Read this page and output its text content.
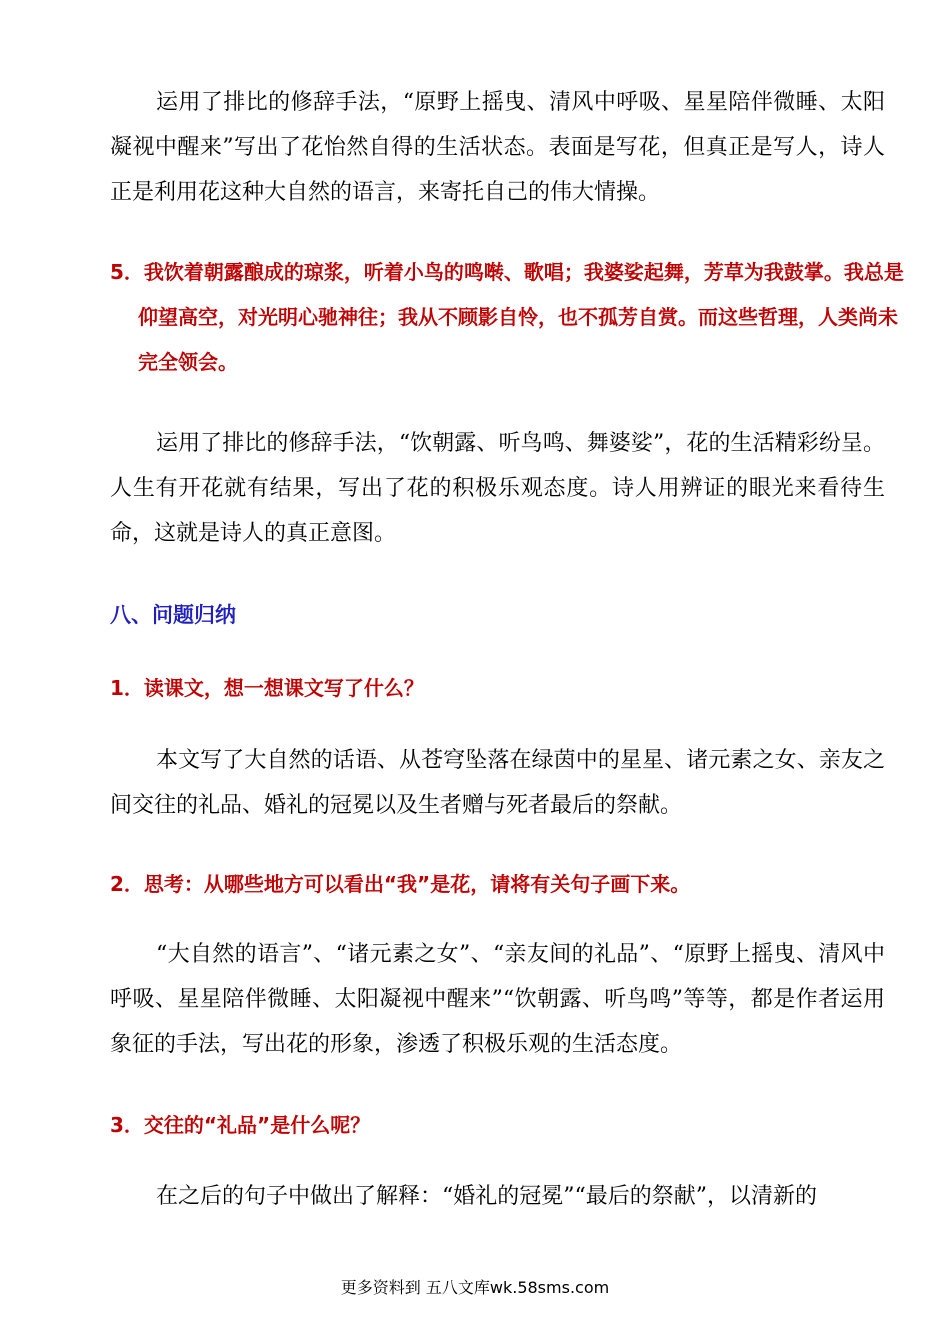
运用了排比的修辞手法，“原野上摇曳、清风中呼吸、星星陪伴微睡、太阳凝视中醒来”写出了花怡然自得的生活状态。表面是写花，但真正是写人，诗人正是利用花这种大自然的语言，来寄托自己的伟大情操。

5．我饮着朝露酿成的琼浆，听着小鸟的鸣啭、歌唱；我婆娑起舞，芳草为我鼓掌。我总是仰望高空，对光明心驰神往；我从不顾影自怜，也不孤芳自赏。而这些哲理，人类尚未完全领会。

运用了排比的修辞手法，“饮朝露、听鸟鸣、舞婆娑”，花的生活精彩纷呈。人生有开花就有结果，写出了花的积极乐观态度。诗人用辨证的眼光来看待生命，这就是诗人的真正意图。

八、问题归纳

1．读课文，想一想课文写了什么？

本文写了大自然的话语、从苍穹坠落在绿茵中的星星、诸元素之女、亲友之间交往的礼品、婚礼的冠冕以及生者赠与死者最后的祭献。

2．思考：从哪些地方可以看出“我”是花，请将有关句子画下来。

“大自然的语言”、“诸元素之女”、“亲友间的礼品”、“原野上摇曳、清风中呼吸、星星陪伴微睡、太阳凝视中醒来”“饮朝露、听鸟鸣”等等，都是作者运用象征的手法，写出花的形象，渗透了积极乐观的生活态度。

3．交往的“礼品”是什么呢？

在之后的句子中做出了解释：“婚礼的冠冕”“最后的祭献”，以清新的

更多资料到 五八文库wk.58sms.com
